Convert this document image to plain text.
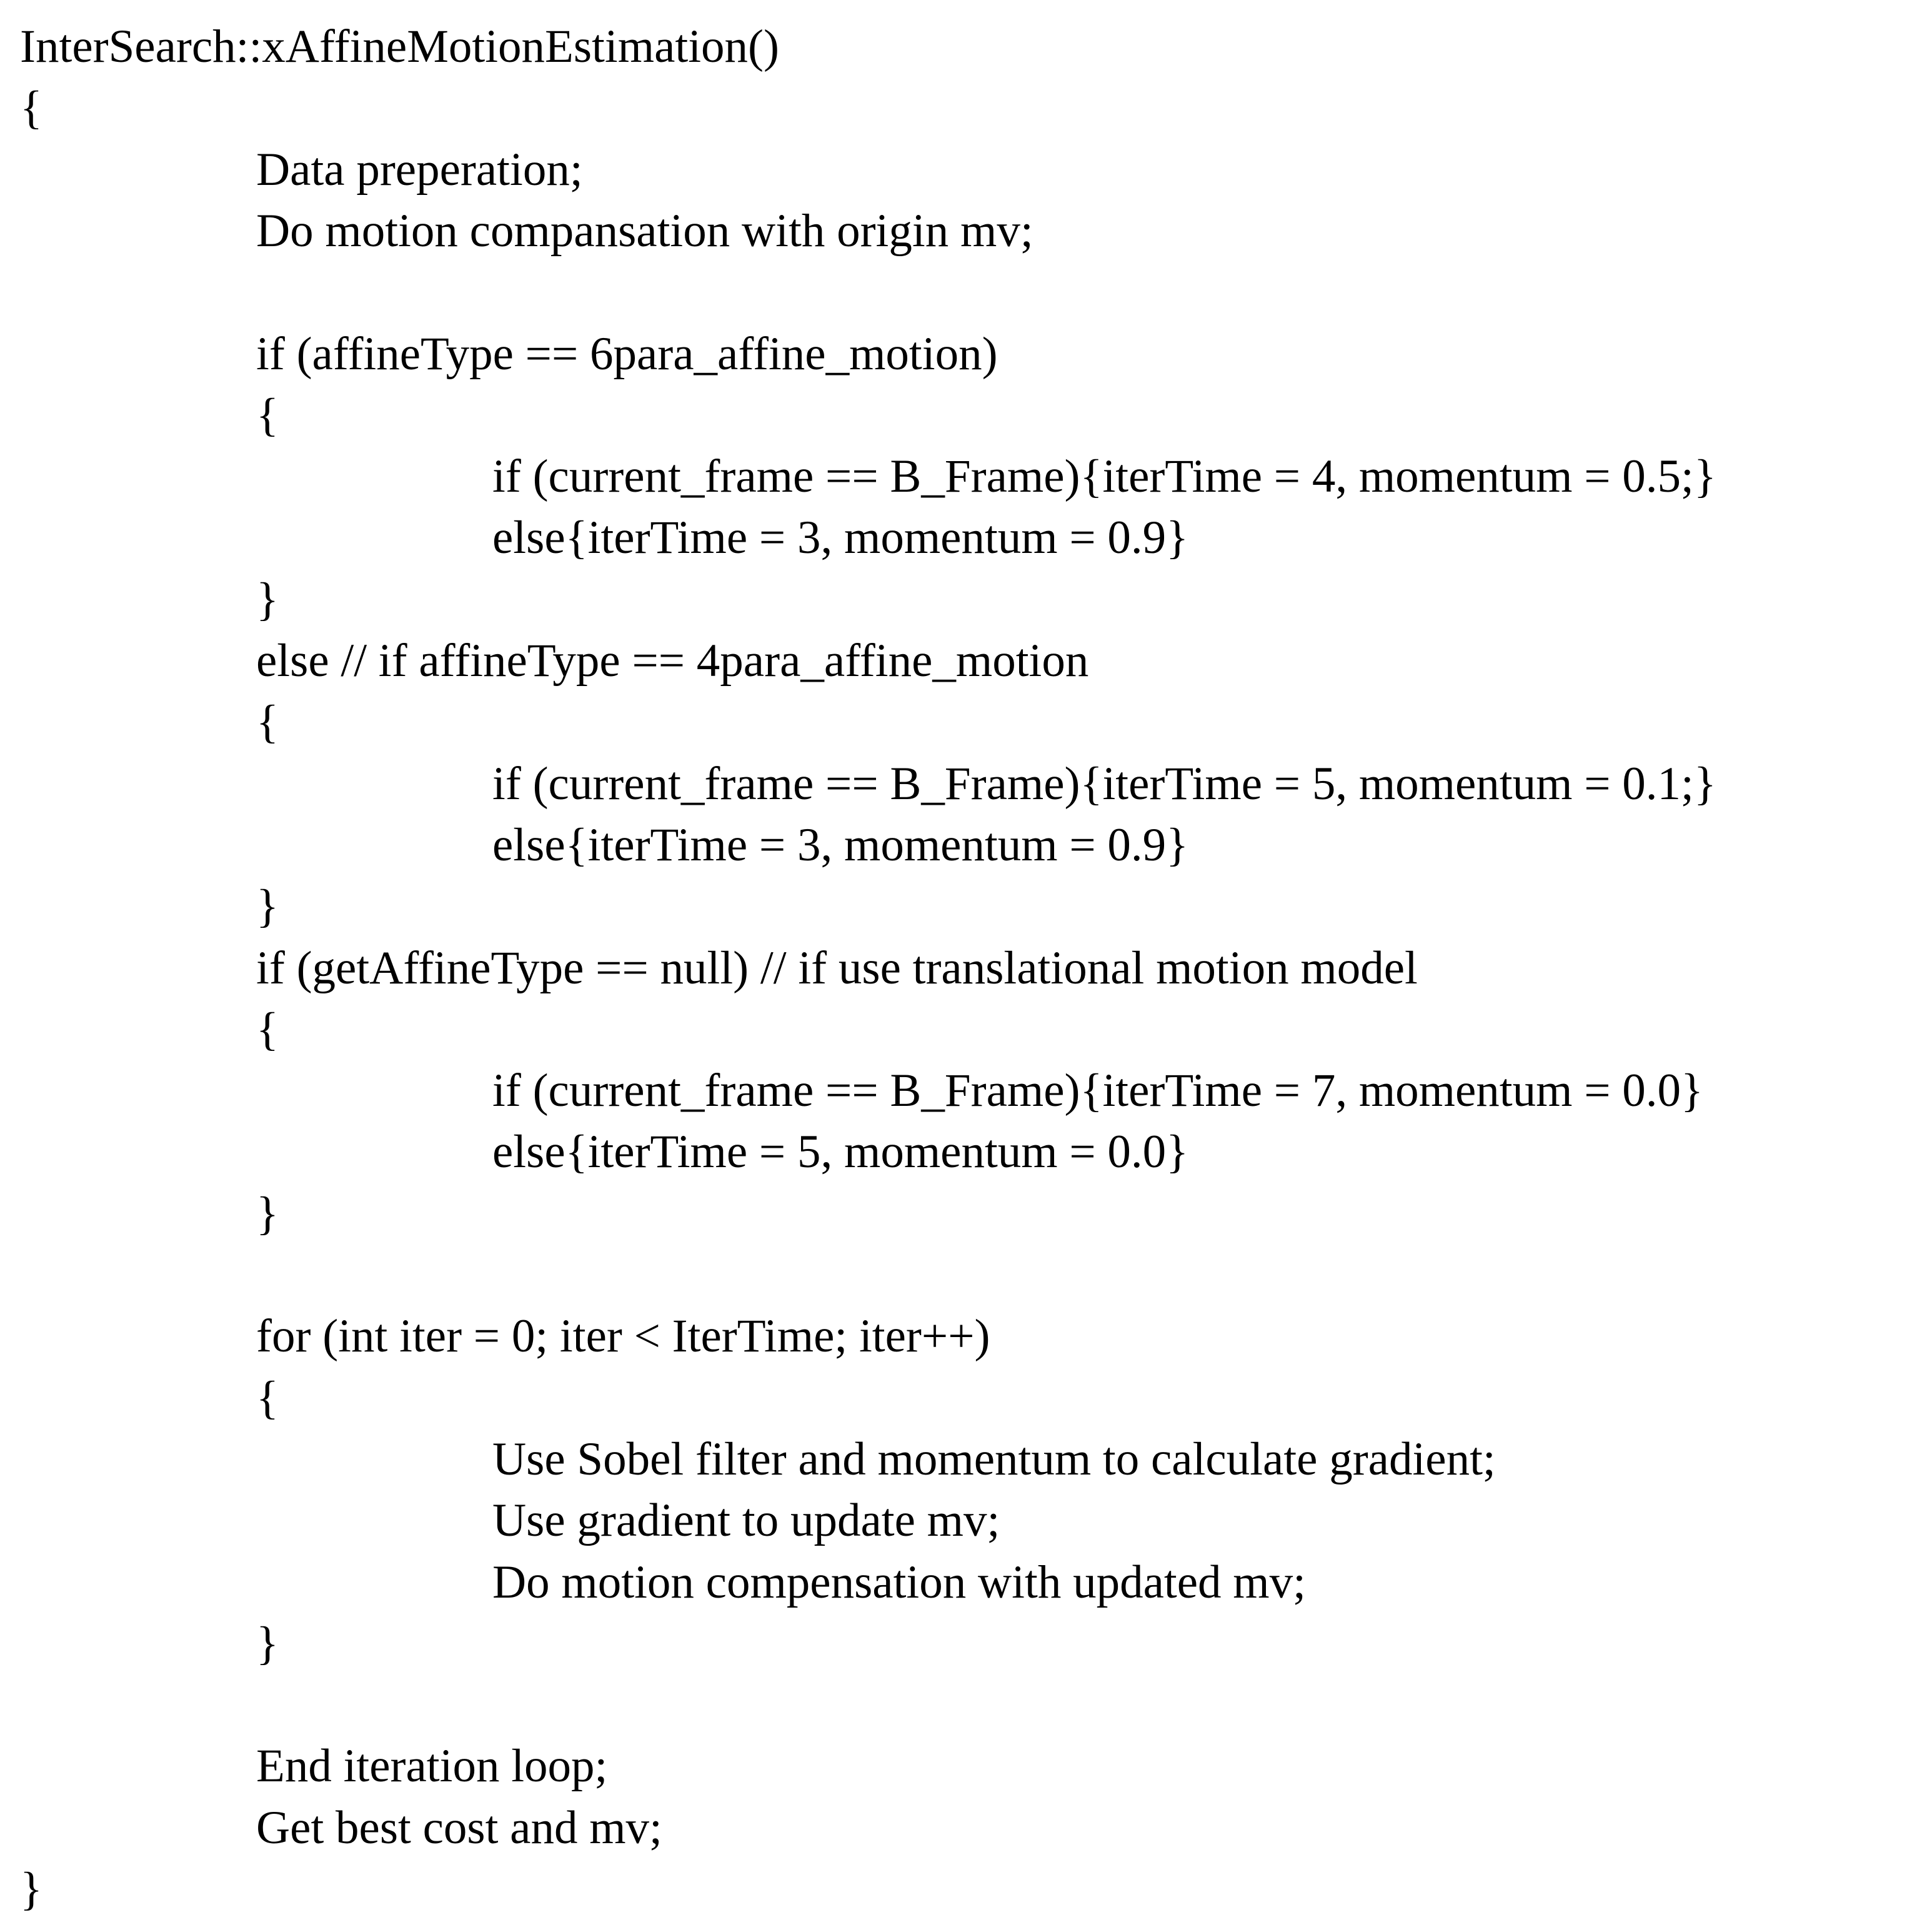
InterSearch::xAffineMotionEstimation()
{
Data preperation;
Do motion compansation with origin mv;
if (affineType == 6para_affine_motion)
{
if (current_frame == B_Frame){iterTime = 4, momentum = 0.5;}
else{iterTime = 3, momentum = 0.9}
}
else // if affineType == 4para_affine_motion
{
if (current_frame == B_Frame){iterTime = 5, momentum = 0.1;}
else{iterTime = 3, momentum = 0.9}
}
if (getAffineType == null) // if use translational motion model
{
if (current_frame == B_Frame){iterTime = 7, momentum = 0.0}
else{iterTime = 5, momentum = 0.0}
}
for (int iter = 0; iter < IterTime; iter++)
{
Use Sobel filter and momentum to calculate gradient;
Use gradient to update mv;
Do motion compensation with updated mv;
}
End iteration loop;
Get best cost and mv;
}
